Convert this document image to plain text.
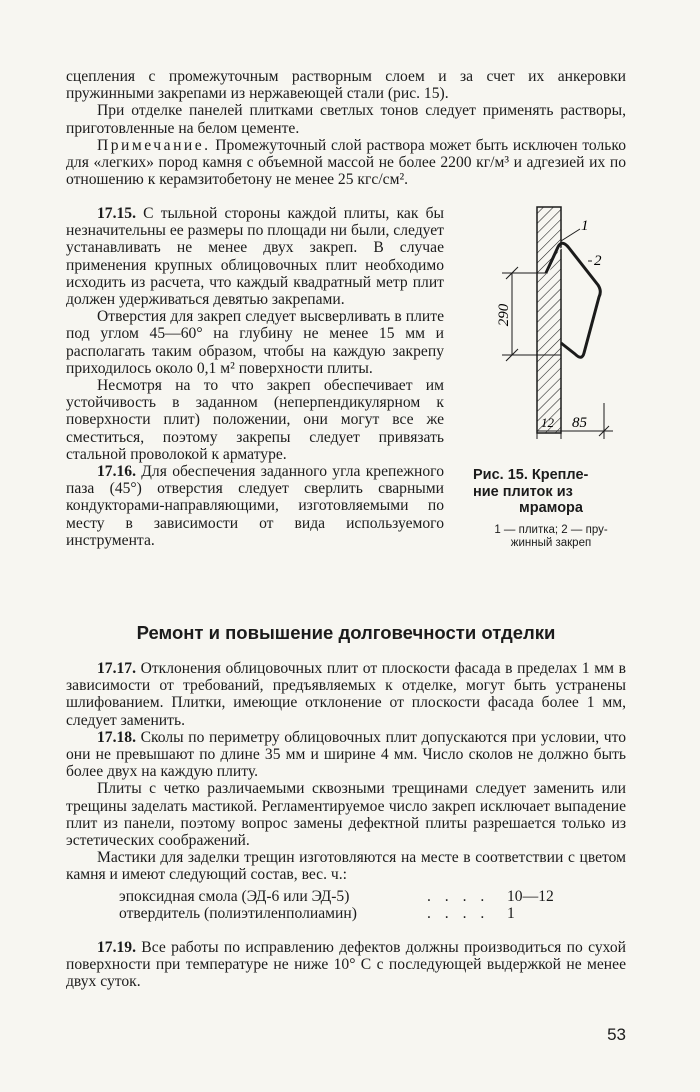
сцепления с промежуточным растворным слоем и за счет их анкеровки пружинными закрепами из нержавеющей стали (рис. 15).

При отделке панелей плитками светлых тонов следует применять растворы, приготовленные на белом цементе.

Примечание. Промежуточный слой раствора может быть исключен только для «легких» пород камня с объемной массой не более 2200 кг/м³ и адгезией их по отношению к керамзитобетону не менее 25 кгс/см².

17.15. С тыльной стороны каждой плиты, как бы незначительны ее размеры по площади ни были, следует устанавливать не менее двух закреп. В случае применения крупных облицовочных плит необходимо исходить из расчета, что каждый квадратный метр плит должен удерживаться девятью закрепами.

Отверстия для закреп следует высверливать в плите под углом 45—60° на глубину не менее 15 мм и располагать таким образом, чтобы на каждую закрепу приходилось около 0,1 м² поверхности плиты.

Несмотря на то что закреп обеспечивает им устойчивость в заданном (неперпендикулярном к поверхности плит) положении, они могут все же сместиться, поэтому закрепы следует привязать стальной проволокой к арматуре.

17.16. Для обеспечения заданного угла крепежного паза (45°) отверстия следует сверлить сварными кондукторами-направляющими, изготовляемыми по месту в зависимости от вида используемого инструмента.

1
2
290
12 85
Рис. 15. Крепле-
ние плиток из
мрамора
1 — плитка; 2 — пру-
жинный закреп
Ремонт и повышение долговечности отделки

17.17. Отклонения облицовочных плит от плоскости фасада в пределах 1 мм в зависимости от требований, предъявляемых к отделке, могут быть устранены шлифованием. Плитки, имеющие отклонение от плоскости фасада более 1 мм, следует заменить.

17.18. Сколы по периметру облицовочных плит допускаются при условии, что они не превышают по длине 35 мм и ширине 4 мм. Число сколов не должно быть более двух на каждую плиту.

Плиты с четко различаемыми сквозными трещинами следует заменить или трещины заделать мастикой. Регламентируемое число закреп исключает выпадение плит из панели, поэтому вопрос замены дефектной плиты разрешается только из эстетических соображений.

Мастики для заделки трещин изготовляются на месте в соответствии с цветом камня и имеют следующий состав, вес. ч.:

эпоксидная смола (ЭД-6 или ЭД-5)	. . . .	10—12
отвердитель (полиэтиленполиамин)	. . . .	1

17.19. Все работы по исправлению дефектов должны производиться по сухой поверхности при температуре не ниже 10° С с последующей выдержкой не менее двух суток.

53
